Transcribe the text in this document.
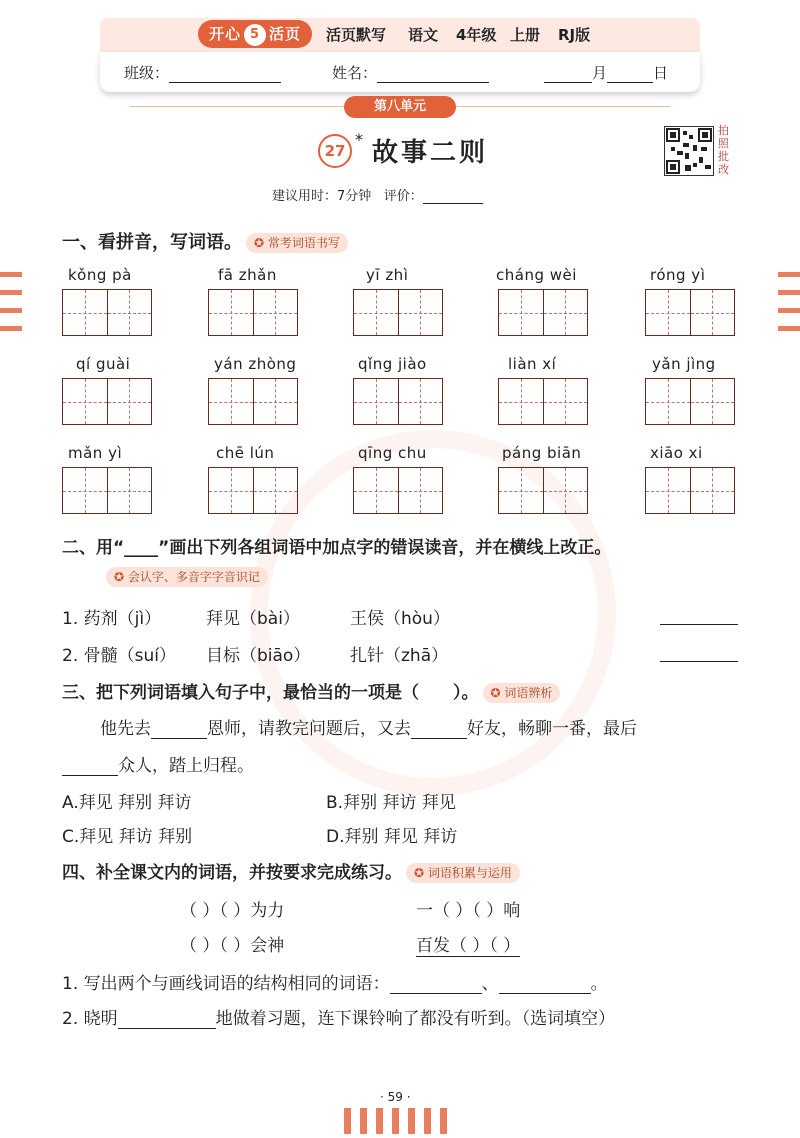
开心 5 活页	活页默写 语文 4年级 上册 RJ版
班级：	姓名：	月	日
第八单元
27
* 故事二则
拍
照
批
改
建议用时：7分钟 评价：
一、看拼音，写词语。 ✪ 常考词语书写
kǒng pà	fā zhǎn	yī zhì	cháng wèi	róng yì
qí guài	yán zhòng	qǐng jiào	liàn xí	yǎn jìng
mǎn yì	chē lún	qīng chu	páng biān	xiāo xi
二、用“____”画出下列各组词语中加点字的错误读音，并在横线上改正。
✪ 会认字、多音字字音识记
1. 药剂（jì）	拜见（bài）	王侯（hòu）
2. 骨髓（suí） 目标（biāo） 扎针（zhā）
三、把下列词语填入句子中，最恰当的一项是（ ）。 ✪ 词语辨析
他先去	恩师，请教完问题后，又去	好友，畅聊一番，最后
众人，踏上归程。
A.拜见 拜别 拜访	B.拜别 拜访 拜见
C.拜见 拜访 拜别	D.拜别 拜见 拜访
四、补全课文内的词语，并按要求完成练习。 ✪ 词语积累与运用
（ ）（ ）为力	一（ ）（ ）响
（ ）（ ）会神	百发（ ）（ ）
1. 写出两个与画线词语的结构相同的词语：	、	。
2. 晓明	地做着习题，连下课铃响了都没有听到。（选词填空）
· 59 ·
